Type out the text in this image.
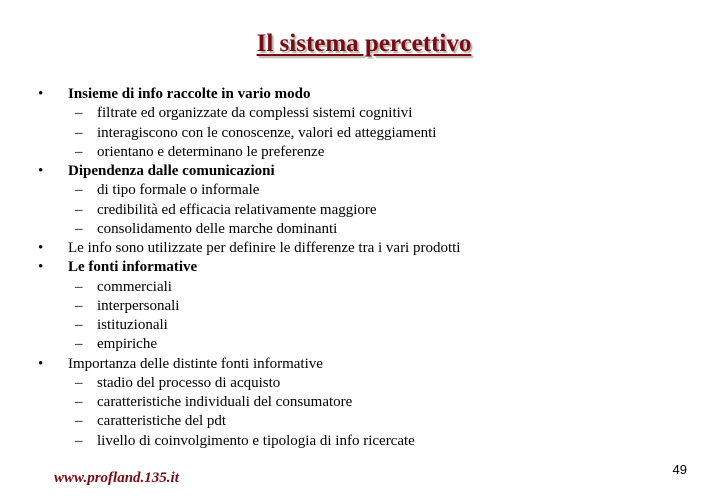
Il sistema percettivo
• Insieme di info raccolte in vario modo
– filtrate ed organizzate da complessi sistemi cognitivi
– interagiscono con le conoscenze, valori ed atteggiamenti
– orientano e determinano le preferenze
• Dipendenza dalle comunicazioni
– di tipo formale o informale
– credibilità ed efficacia relativamente maggiore
– consolidamento delle marche dominanti
• Le info sono utilizzate per definire le differenze tra i vari prodotti
• Le fonti informative
– commerciali
– interpersonali
– istituzionali
– empiriche
• Importanza delle distinte fonti informative
– stadio del processo di acquisto
– caratteristiche individuali del consumatore
– caratteristiche del pdt
– livello di coinvolgimento e tipologia di info ricercate
49
www.profland.135.it
